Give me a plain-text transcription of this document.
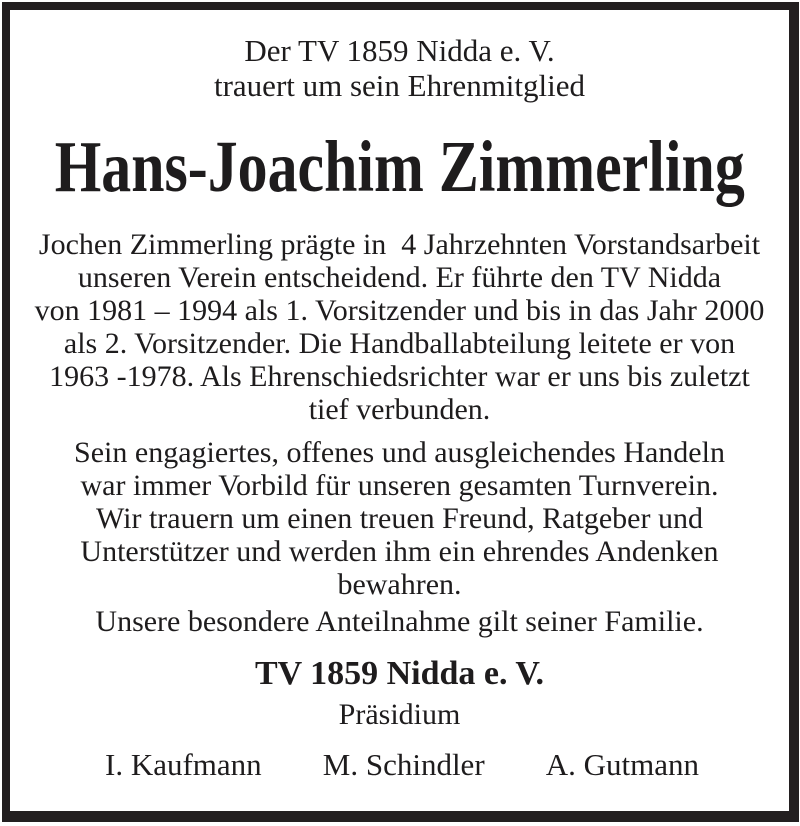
Der TV 1859 Nidda e. V.
trauert um sein Ehrenmitglied
Hans-Joachim Zimmerling
Jochen Zimmerling prägte in  4 Jahrzehnten Vorstandsarbeit
unseren Verein entscheidend. Er führte den TV Nidda
von 1981 – 1994 als 1. Vorsitzender und bis in das Jahr 2000
als 2. Vorsitzender. Die Handballabteilung leitete er von
1963 -1978. Als Ehrenschiedsrichter war er uns bis zuletzt
tief verbunden.
Sein engagiertes, offenes und ausgleichendes Handeln
war immer Vorbild für unseren gesamten Turnverein.
Wir trauern um einen treuen Freund, Ratgeber und
Unterstützer und werden ihm ein ehrendes Andenken
bewahren.
Unsere besondere Anteilnahme gilt seiner Familie.
TV 1859 Nidda e. V.
Präsidium
I. Kaufmann M. Schindler A. Gutmann
